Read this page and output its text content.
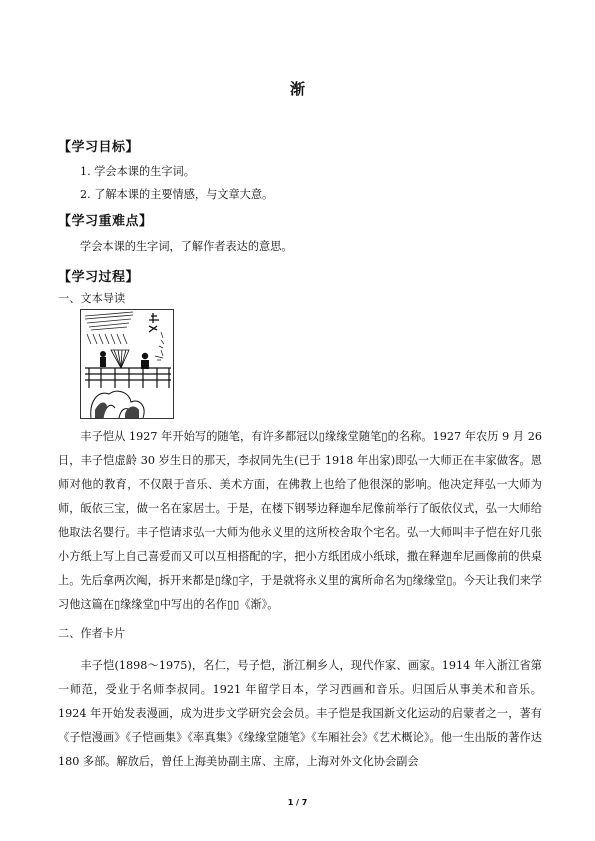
渐
【学习目标】
1. 学会本课的生字词。
2. 了解本课的主要情感，与文章大意。
【学习重难点】
学会本课的生字词，了解作者表达的意思。
【学习过程】
一、文本导读

丰子恺从 1927 年开始写的随笔，有许多都冠以▯缘缘堂随笔▯的名称。1927 年农历 9 月 26 日，丰子恺虚龄 30 岁生日的那天，李叔同先生(已于 1918 年出家)即弘一大师正在丰家做客。恩师对他的教育，不仅限于音乐、美术方面，在佛教上也给了他很深的影响。他决定拜弘一大师为师，皈依三宝，做一名在家居士。于是，在楼下钢琴边释迦牟尼像前举行了皈依仪式，弘一大师给他取法名婴行。丰子恺请求弘一大师为他永义里的这所校舍取个宅名。弘一大师叫丰子恺在好几张小方纸上写上自己喜爱而又可以互相搭配的字，把小方纸团成小纸球，撒在释迦牟尼画像前的供桌上。先后拿两次阄，拆开来都是▯缘▯字，于是就将永义里的寓所命名为▯缘缘堂▯。今天让我们来学习他这篇在▯缘缘堂▯中写出的名作▯▯《渐》。

二、作者卡片

丰子恺(1898～1975)，名仁，号子恺，浙江桐乡人，现代作家、画家。1914 年入浙江省第一师范，受业于名师李叔同。1921 年留学日本，学习西画和音乐。归国后从事美术和音乐。1924 年开始发表漫画，成为进步文学研究会会员。丰子恺是我国新文化运动的启蒙者之一，著有《子恺漫画》《子恺画集》《率真集》《缘缘堂随笔》《车厢社会》《艺术概论》。他一生出版的著作达 180 多部。解放后，曾任上海美协副主席、主席，上海对外文化协会副会

1 / 7
